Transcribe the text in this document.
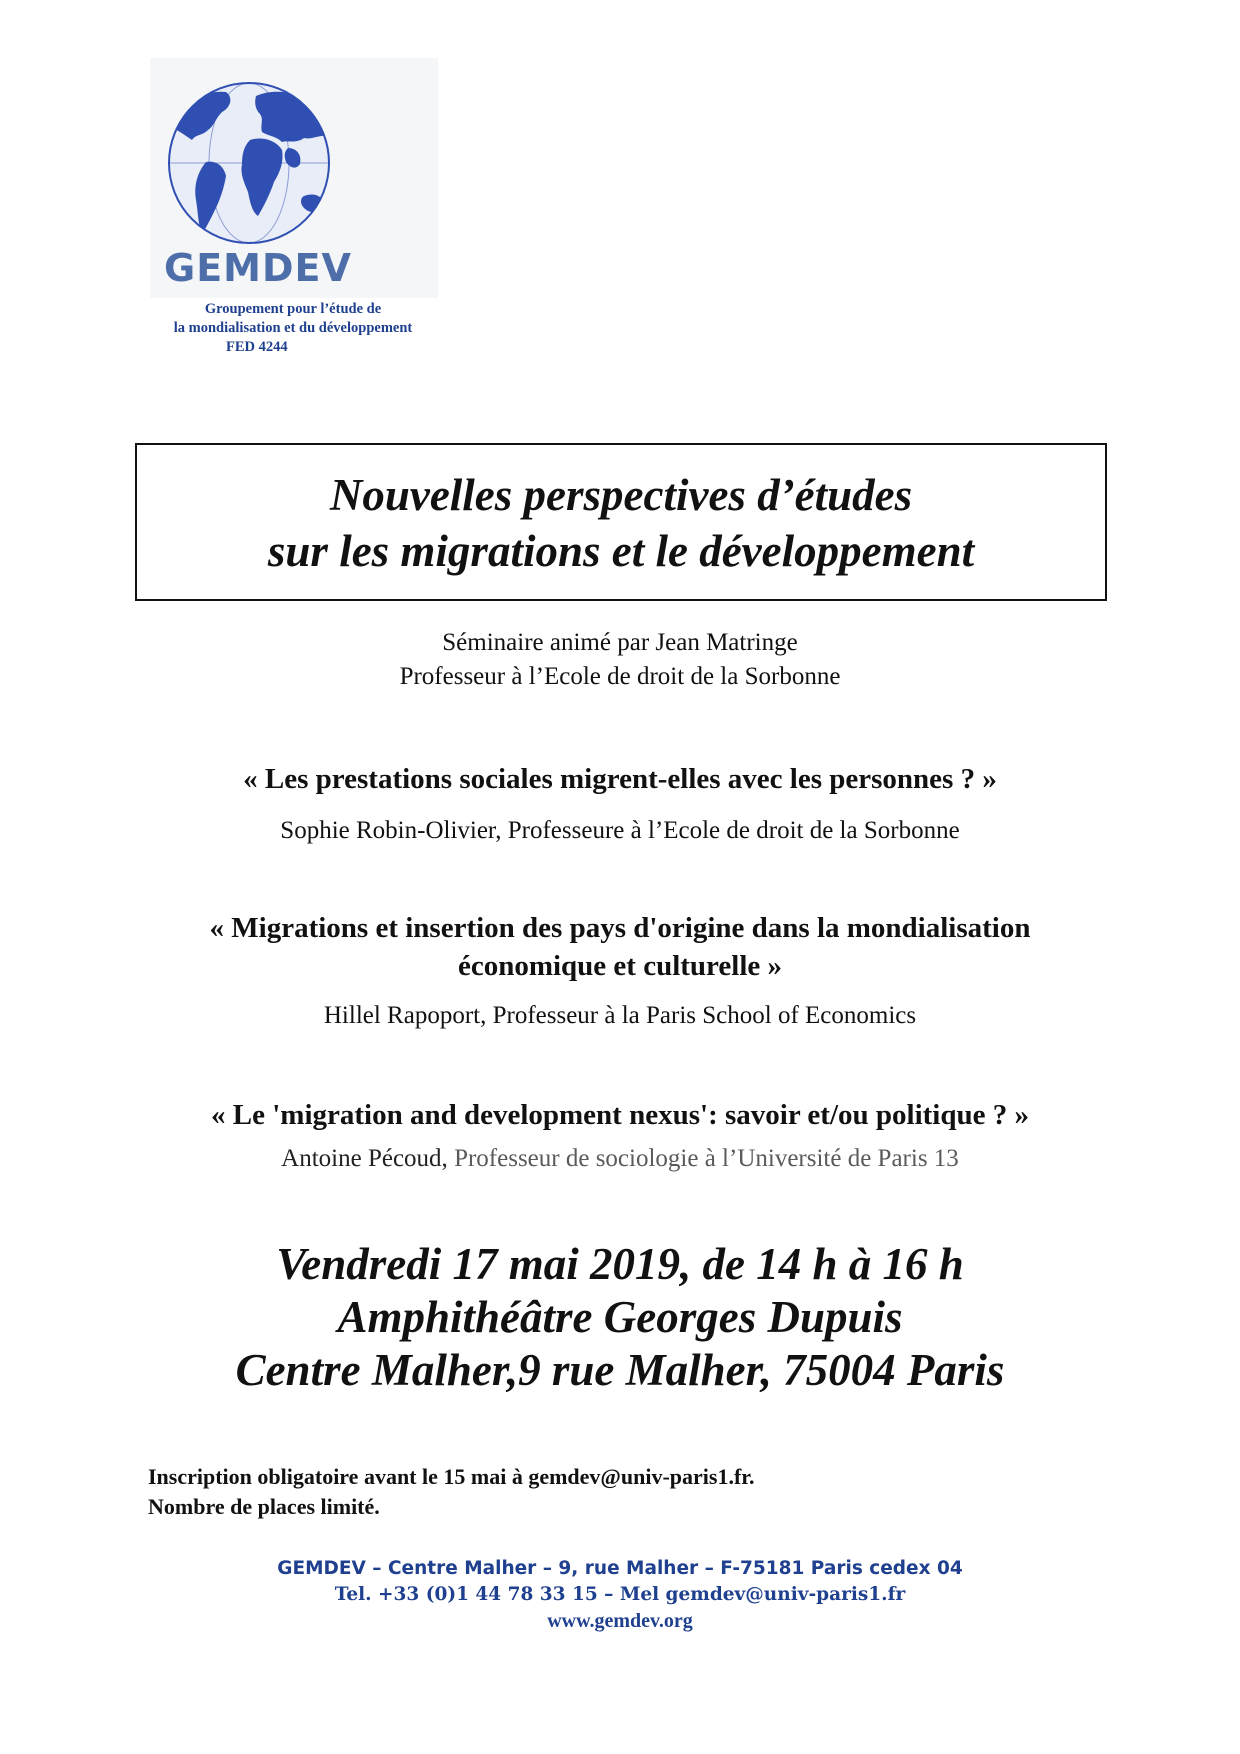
GEMDEV
Groupement pour l’étude de
la mondialisation et du développement
FED 4244
Nouvelles perspectives d’études
sur les migrations et le développement
Séminaire animé par Jean Matringe
Professeur à l’Ecole de droit de la Sorbonne
« Les prestations sociales migrent-elles avec les personnes ? »
Sophie Robin-Olivier, Professeure à l’Ecole de droit de la Sorbonne
« Migrations et insertion des pays d'origine dans la mondialisation
économique et culturelle »
Hillel Rapoport, Professeur à la Paris School of Economics
« Le 'migration and development nexus': savoir et/ou politique ? »
Antoine Pécoud, Professeur de sociologie à l’Université de Paris 13
Vendredi 17 mai 2019, de 14 h à 16 h
Amphithéâtre Georges Dupuis
Centre Malher,9 rue Malher, 75004 Paris
Inscription obligatoire avant le 15 mai à gemdev@univ-paris1.fr.
Nombre de places limité.
GEMDEV – Centre Malher – 9, rue Malher – F-75181 Paris cedex 04
Tel. +33 (0)1 44 78 33 15 – Mel gemdev@univ-paris1.fr
www.gemdev.org
